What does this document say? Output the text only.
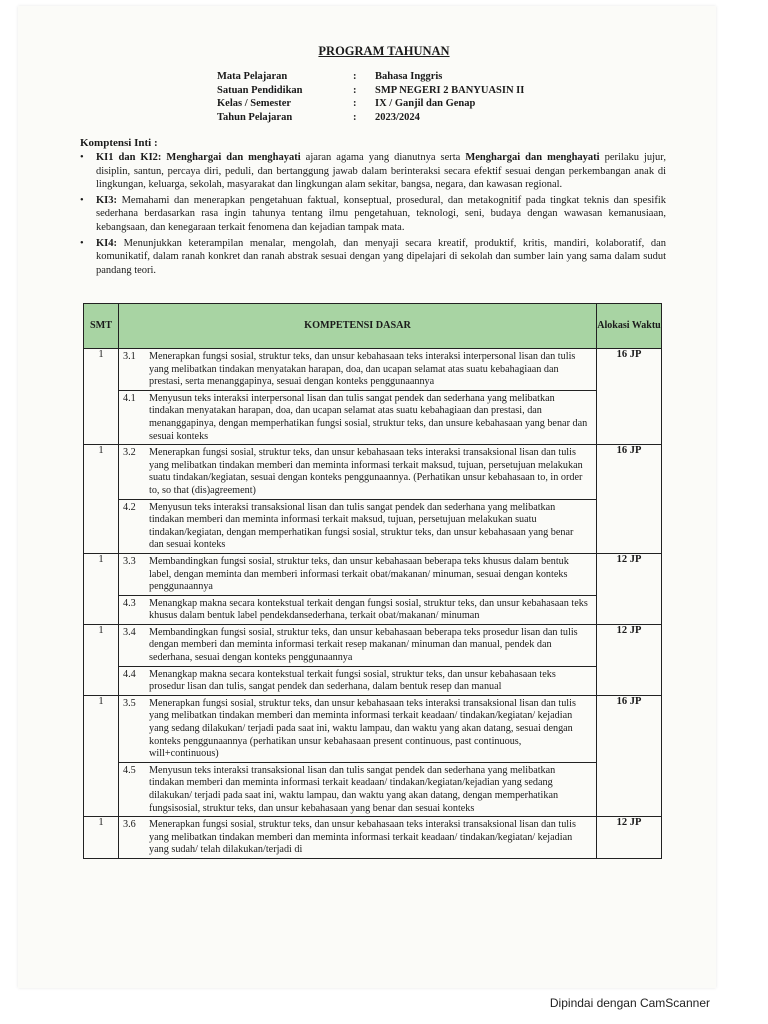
PROGRAM TAHUNAN
Mata Pelajaran	:	Bahasa Inggris
Satuan Pendidikan	:	SMP NEGERI 2 BANYUASIN II
Kelas / Semester	:	IX / Ganjil dan Genap
Tahun Pelajaran	:	2023/2024
Komptensi Inti :
• KI1 dan KI2: Menghargai dan menghayati ajaran agama yang dianutnya serta Menghargai dan menghayati perilaku jujur, disiplin, santun, percaya diri, peduli, dan bertanggung jawab dalam berinteraksi secara efektif sesuai dengan perkembangan anak di lingkungan, keluarga, sekolah, masyarakat dan lingkungan alam sekitar, bangsa, negara, dan kawasan regional.
• KI3: Memahami dan menerapkan pengetahuan faktual, konseptual, prosedural, dan metakognitif pada tingkat teknis dan spesifik sederhana berdasarkan rasa ingin tahunya tentang ilmu pengetahuan, teknologi, seni, budaya dengan wawasan kemanusiaan, kebangsaan, dan kenegaraan terkait fenomena dan kejadian tampak mata.
• KI4: Menunjukkan keterampilan menalar, mengolah, dan menyaji secara kreatif, produktif, kritis, mandiri, kolaboratif, dan komunikatif, dalam ranah konkret dan ranah abstrak sesuai dengan yang dipelajari di sekolah dan sumber lain yang sama dalam sudut pandang teori.
SMT	KOMPETENSI DASAR	Alokasi Waktu
1	3.1 Menerapkan fungsi sosial, struktur teks, dan unsur kebahasaan teks interaksi interpersonal lisan dan tulis yang melibatkan tindakan menyatakan harapan, doa, dan ucapan selamat atas suatu kebahagiaan dan prestasi, serta menanggapinya, sesuai dengan konteks penggunaannya
4.1 Menyusun teks interaksi interpersonal lisan dan tulis sangat pendek dan sederhana yang melibatkan tindakan menyatakan harapan, doa, dan ucapan selamat atas suatu kebahagiaan dan prestasi, dan menanggapinya, dengan memperhatikan fungsi sosial, struktur teks, dan unsure kebahasaan yang benar dan sesuai konteks	16 JP
1	3.2 Menerapkan fungsi sosial, struktur teks, dan unsur kebahasaan teks interaksi transaksional lisan dan tulis yang melibatkan tindakan memberi dan meminta informasi terkait maksud, tujuan, persetujuan melakukan suatu tindakan/kegiatan, sesuai dengan konteks penggunaannya. (Perhatikan unsur kebahasaan to, in order to, so that (dis)agreement)
4.2 Menyusun teks interaksi transaksional lisan dan tulis sangat pendek dan sederhana yang melibatkan tindakan memberi dan meminta informasi terkait maksud, tujuan, persetujuan melakukan suatu tindakan/kegiatan, dengan memperhatikan fungsi sosial, struktur teks, dan unsur kebahasaan yang benar dan sesuai konteks	16 JP
1	3.3 Membandingkan fungsi sosial, struktur teks, dan unsur kebahasaan beberapa teks khusus dalam bentuk label, dengan meminta dan memberi informasi terkait obat/makanan/ minuman, sesuai dengan konteks penggunaannya
4.3 Menangkap makna secara kontekstual terkait dengan fungsi sosial, struktur teks, dan unsur kebahasaan teks khusus dalam bentuk label pendekdansederhana, terkait obat/makanan/ minuman	12 JP
1	3.4 Membandingkan fungsi sosial, struktur teks, dan unsur kebahasaan beberapa teks prosedur lisan dan tulis dengan memberi dan meminta informasi terkait resep makanan/ minuman dan manual, pendek dan sederhana, sesuai dengan konteks penggunaannya
4.4 Menangkap makna secara kontekstual terkait fungsi sosial, struktur teks, dan unsur kebahasaan teks prosedur lisan dan tulis, sangat pendek dan sederhana, dalam bentuk resep dan manual	12 JP
1	3.5 Menerapkan fungsi sosial, struktur teks, dan unsur kebahasaan teks interaksi transaksional lisan dan tulis yang melibatkan tindakan memberi dan meminta informasi terkait keadaan/ tindakan/kegiatan/ kejadian yang sedang dilakukan/ terjadi pada saat ini, waktu lampau, dan waktu yang akan datang, sesuai dengan konteks penggunaannya (perhatikan unsur kebahasaan present continuous, past continuous, will+continuous)
4.5 Menyusun teks interaksi transaksional lisan dan tulis sangat pendek dan sederhana yang melibatkan tindakan memberi dan meminta informasi terkait keadaan/ tindakan/kegiatan/kejadian yang sedang dilakukan/ terjadi pada saat ini, waktu lampau, dan waktu yang akan datang, dengan memperhatikan fungsisosial, struktur teks, dan unsur kebahasaan yang benar dan sesuai konteks	16 JP
1	3.6 Menerapkan fungsi sosial, struktur teks, dan unsur kebahasaan teks interaksi transaksional lisan dan tulis yang melibatkan tindakan memberi dan meminta informasi terkait keadaan/ tindakan/kegiatan/ kejadian yang sudah/ telah dilakukan/terjadi di	12 JP
Dipindai dengan CamScanner
